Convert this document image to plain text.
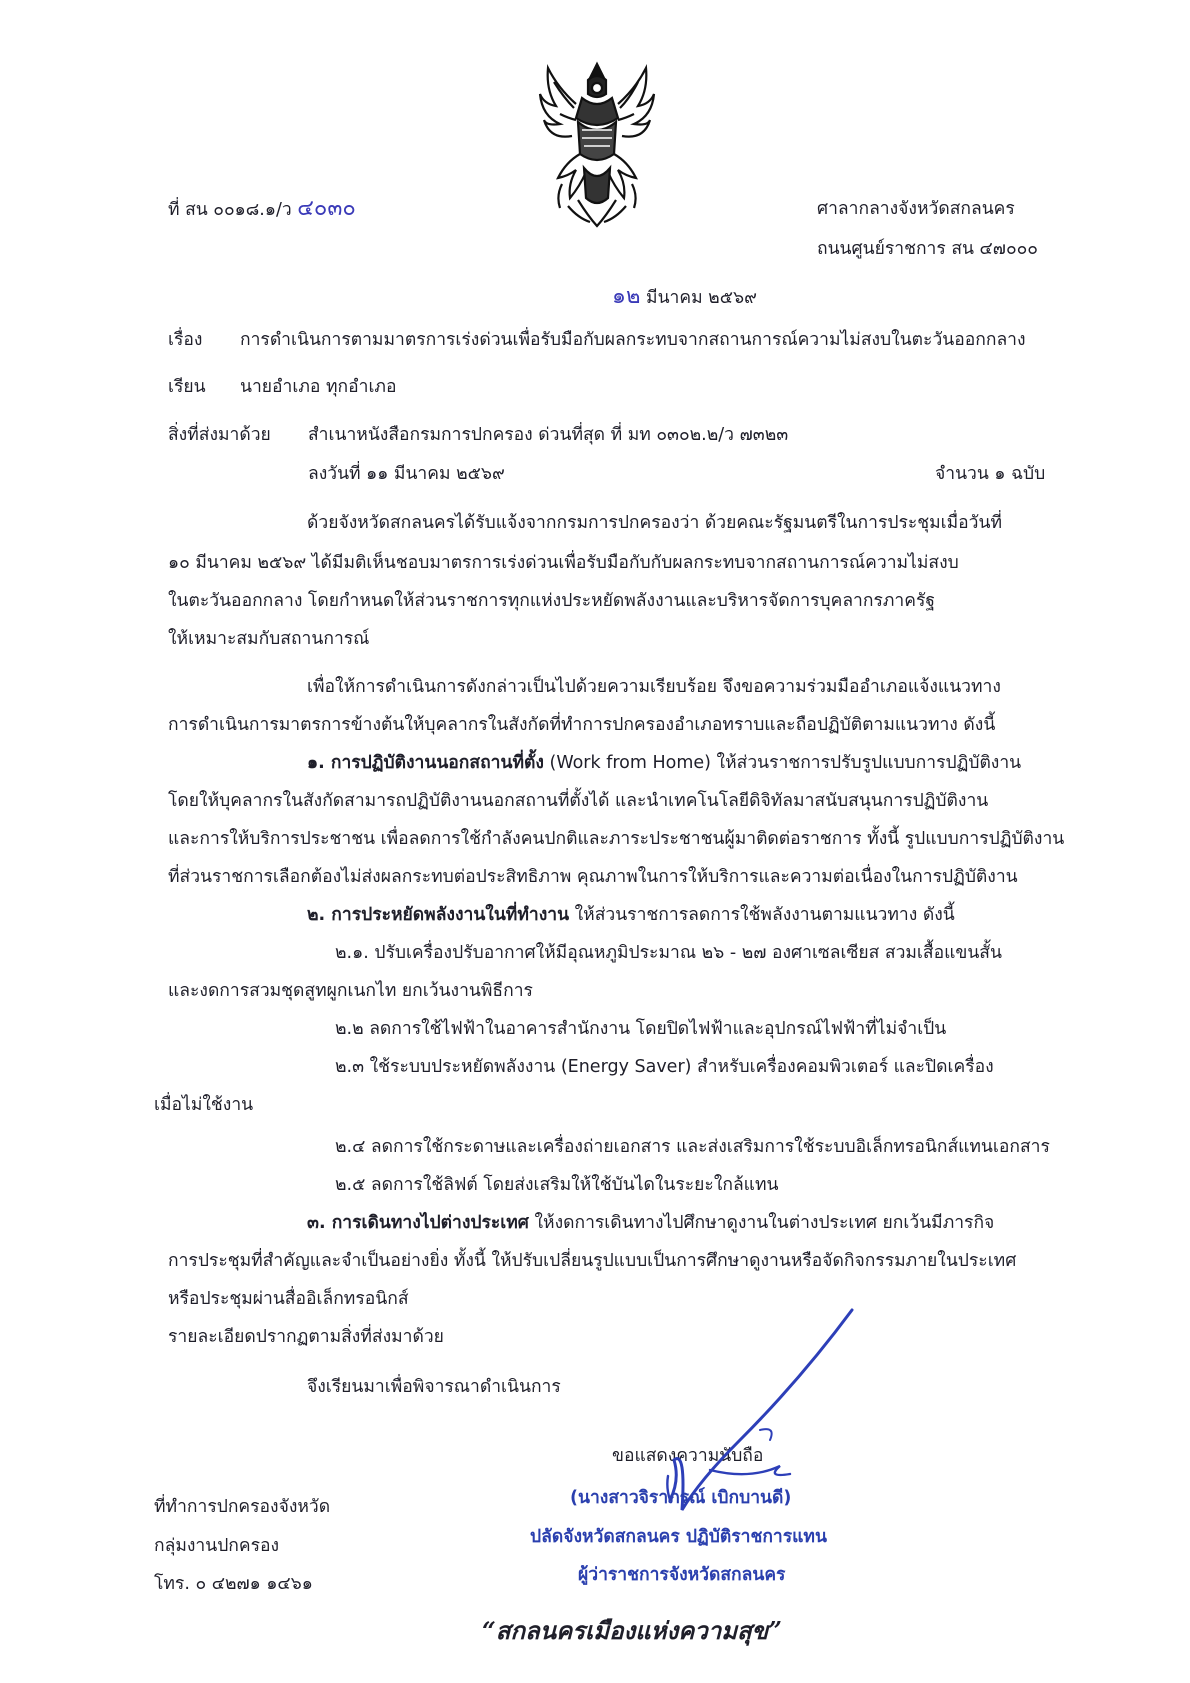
ที่ สน ๐๐๑๘.๑/ว ๔๐๓๐	ศาลากลางจังหวัดสกลนคร
ถนนศูนย์ราชการ สน ๔๗๐๐๐
๑๒ มีนาคม ๒๕๖๙
เรื่อง การดำเนินการตามมาตรการเร่งด่วนเพื่อรับมือกับผลกระทบจากสถานการณ์ความไม่สงบในตะวันออกกลาง
เรียน นายอำเภอ ทุกอำเภอ
สิ่งที่ส่งมาด้วย สำเนาหนังสือกรมการปกครอง ด่วนที่สุด ที่ มท ๐๓๐๒.๒/ว ๗๓๒๓
ลงวันที่ ๑๑ มีนาคม ๒๕๖๙	จำนวน ๑ ฉบับ
ด้วยจังหวัดสกลนครได้รับแจ้งจากกรมการปกครองว่า ด้วยคณะรัฐมนตรีในการประชุมเมื่อวันที่
๑๐ มีนาคม ๒๕๖๙ ได้มีมติเห็นชอบมาตรการเร่งด่วนเพื่อรับมือกับกับผลกระทบจากสถานการณ์ความไม่สงบ
ในตะวันออกกลาง โดยกำหนดให้ส่วนราชการทุกแห่งประหยัดพลังงานและบริหารจัดการบุคลากรภาครัฐ
ให้เหมาะสมกับสถานการณ์
เพื่อให้การดำเนินการดังกล่าวเป็นไปด้วยความเรียบร้อย จึงขอความร่วมมืออำเภอแจ้งแนวทาง
การดำเนินการมาตรการข้างต้นให้บุคลากรในสังกัดที่ทำการปกครองอำเภอทราบและถือปฏิบัติตามแนวทาง ดังนี้
๑. การปฏิบัติงานนอกสถานที่ตั้ง (Work from Home) ให้ส่วนราชการปรับรูปแบบการปฏิบัติงาน
โดยให้บุคลากรในสังกัดสามารถปฏิบัติงานนอกสถานที่ตั้งได้ และนำเทคโนโลยีดิจิทัลมาสนับสนุนการปฏิบัติงาน
และการให้บริการประชาชน เพื่อลดการใช้กำลังคนปกติและภาระประชาชนผู้มาติดต่อราชการ ทั้งนี้ รูปแบบการปฏิบัติงาน
ที่ส่วนราชการเลือกต้องไม่ส่งผลกระทบต่อประสิทธิภาพ คุณภาพในการให้บริการและความต่อเนื่องในการปฏิบัติงาน
๒. การประหยัดพลังงานในที่ทำงาน ให้ส่วนราชการลดการใช้พลังงานตามแนวทาง ดังนี้
๒.๑. ปรับเครื่องปรับอากาศให้มีอุณหภูมิประมาณ ๒๖ - ๒๗ องศาเซลเซียส สวมเสื้อแขนสั้น
และงดการสวมชุดสูทผูกเนกไท ยกเว้นงานพิธีการ
๒.๒ ลดการใช้ไฟฟ้าในอาคารสำนักงาน โดยปิดไฟฟ้าและอุปกรณ์ไฟฟ้าที่ไม่จำเป็น
๒.๓ ใช้ระบบประหยัดพลังงาน (Energy Saver) สำหรับเครื่องคอมพิวเตอร์ และปิดเครื่อง
เมื่อไม่ใช้งาน
๒.๔ ลดการใช้กระดาษและเครื่องถ่ายเอกสาร และส่งเสริมการใช้ระบบอิเล็กทรอนิกส์แทนเอกสาร
๒.๕ ลดการใช้ลิฟต์ โดยส่งเสริมให้ใช้บันไดในระยะใกล้แทน
๓. การเดินทางไปต่างประเทศ ให้งดการเดินทางไปศึกษาดูงานในต่างประเทศ ยกเว้นมีภารกิจ
การประชุมที่สำคัญและจำเป็นอย่างยิ่ง ทั้งนี้ ให้ปรับเปลี่ยนรูปแบบเป็นการศึกษาดูงานหรือจัดกิจกรรมภายในประเทศ
หรือประชุมผ่านสื่ออิเล็กทรอนิกส์
รายละเอียดปรากฏตามสิ่งที่ส่งมาด้วย
จึงเรียนมาเพื่อพิจารณาดำเนินการ
ขอแสดงความนับถือ
(นางสาวจิราภรณ์ เบิกบานดี)
ปลัดจังหวัดสกลนคร ปฏิบัติราชการแทน
ผู้ว่าราชการจังหวัดสกลนคร
ที่ทำการปกครองจังหวัด
กลุ่มงานปกครอง
โทร. ๐ ๔๒๗๑ ๑๔๖๑
“สกลนครเมืองแห่งความสุข”
